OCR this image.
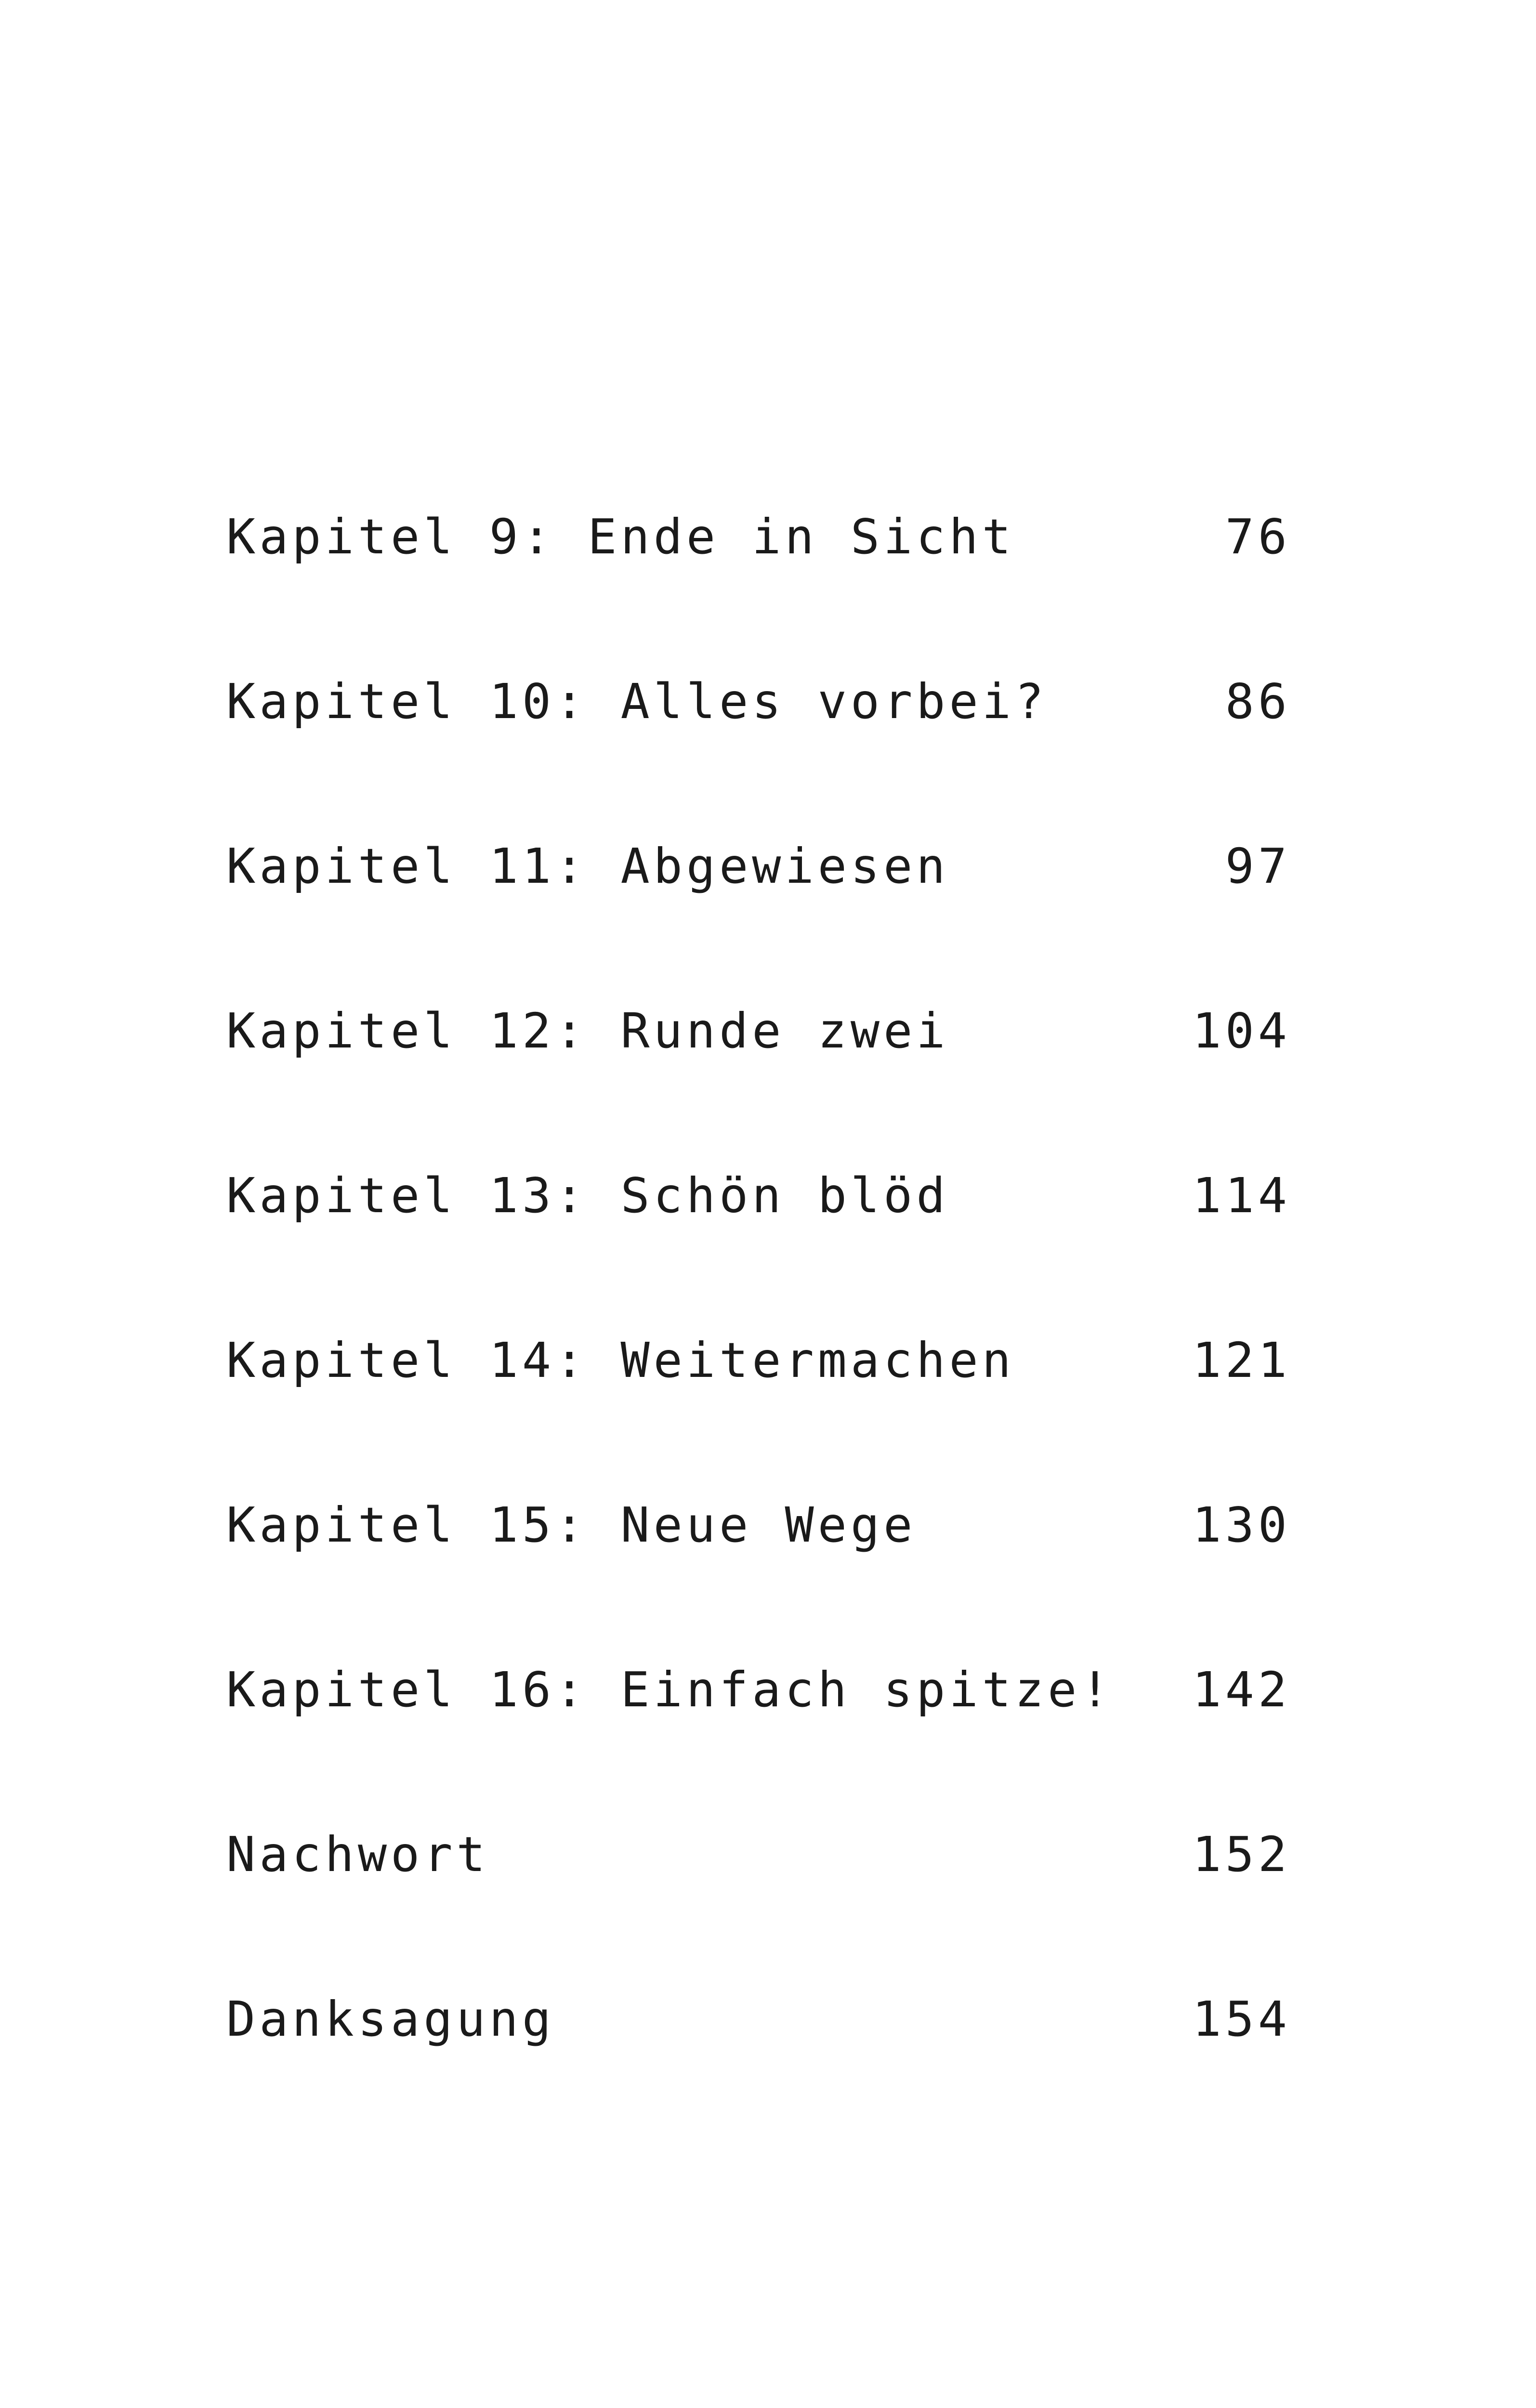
Kapitel 9: Ende in Sicht	76
Kapitel 10: Alles vorbei?	86
Kapitel 11: Abgewiesen	97
Kapitel 12: Runde zwei	104
Kapitel 13: Schön blöd	114
Kapitel 14: Weitermachen	121
Kapitel 15: Neue Wege	130
Kapitel 16: Einfach spitze! 142
Nachwort	152
Danksagung	154
